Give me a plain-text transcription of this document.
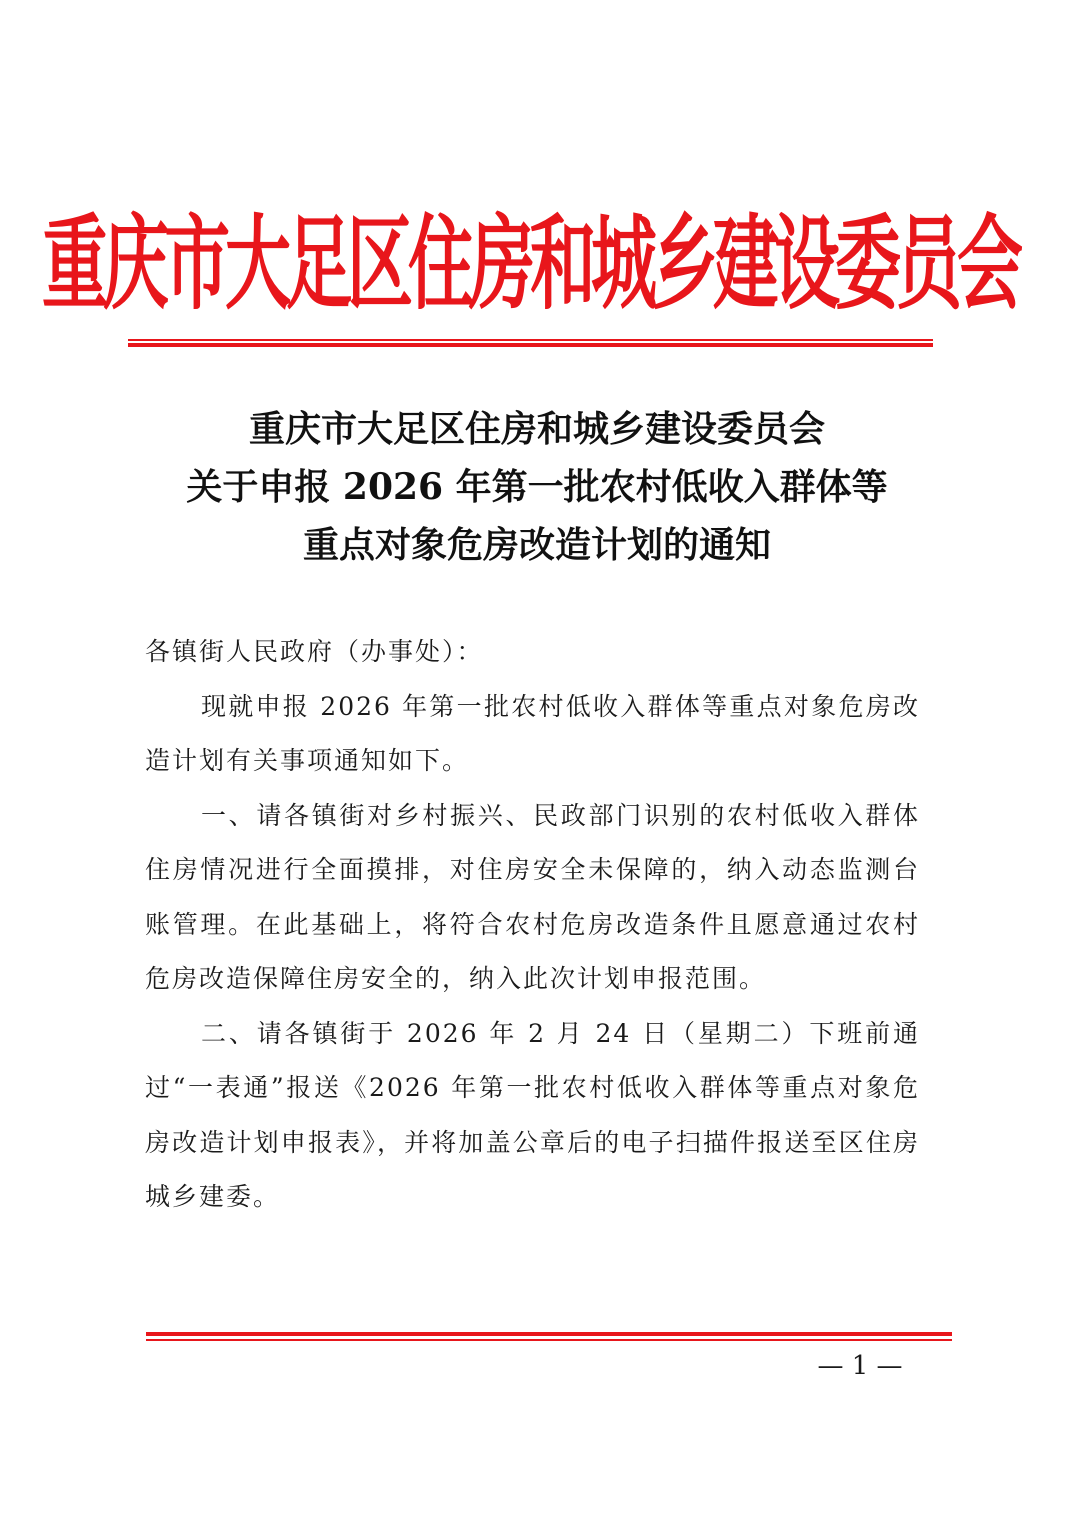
重庆市大足区住房和城乡建设委员会
重庆市大足区住房和城乡建设委员会
关于申报 2026 年第一批农村低收入群体等
重点对象危房改造计划的通知

各镇街人民政府（办事处）：

现就申报 2026 年第一批农村低收入群体等重点对象危房改造计划有关事项通知如下。

一、请各镇街对乡村振兴、民政部门识别的农村低收入群体住房情况进行全面摸排，对住房安全未保障的，纳入动态监测台账管理。在此基础上，将符合农村危房改造条件且愿意通过农村危房改造保障住房安全的，纳入此次计划申报范围。

二、请各镇街于 2026 年 2 月 24 日（星期二）下班前通过“一表通”报送《2026 年第一批农村低收入群体等重点对象危房改造计划申报表》，并将加盖公章后的电子扫描件报送至区住房城乡建委。

— 1 —
